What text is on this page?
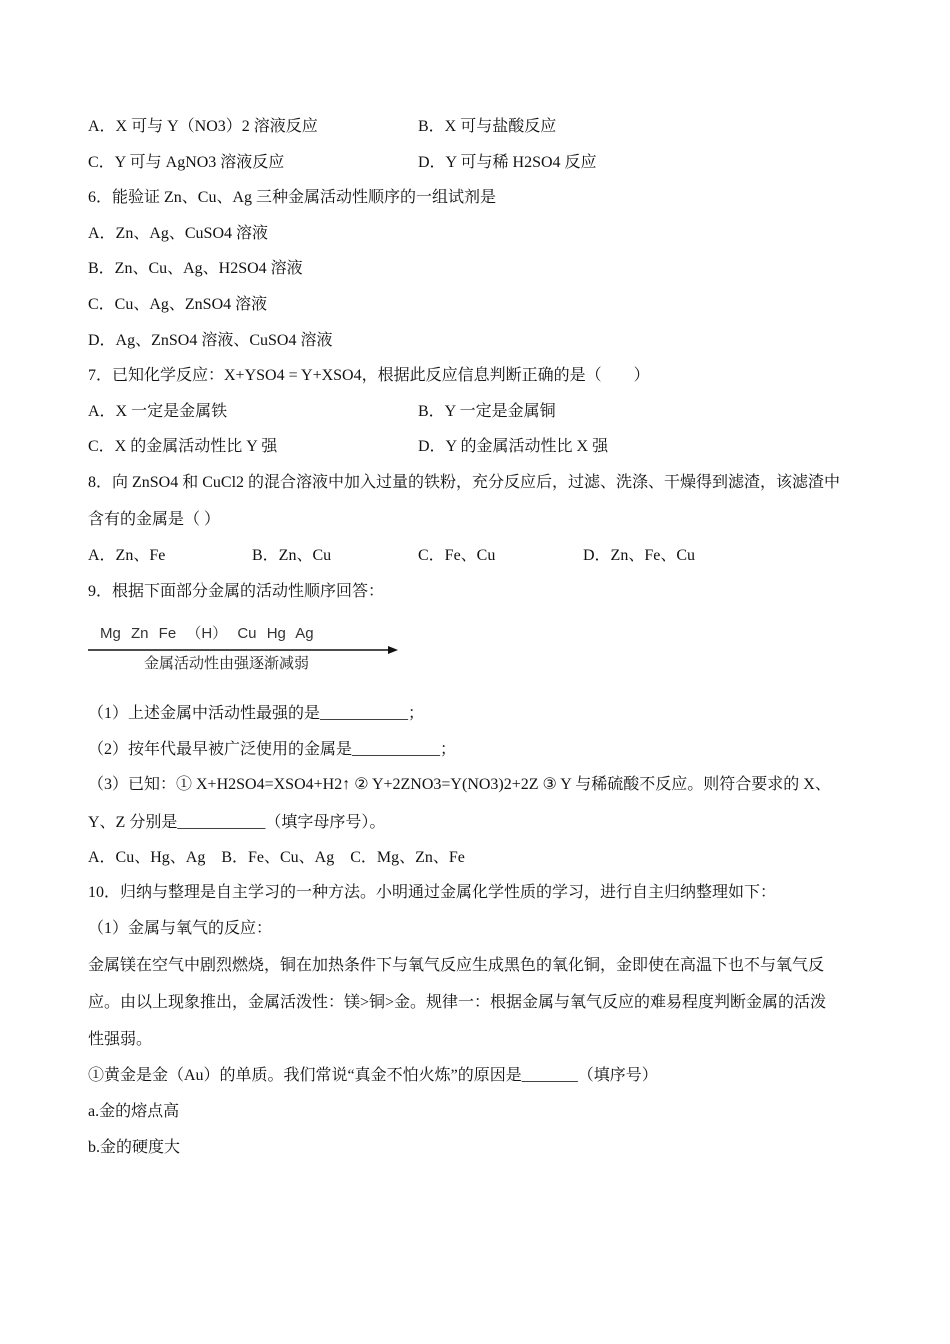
A．X 可与 Y（NO3）2 溶液反应	B．X 可与盐酸反应
C．Y 可与 AgNO3 溶液反应	D．Y 可与稀 H2SO4 反应
6．能验证 Zn、Cu、Ag 三种金属活动性顺序的一组试剂是
A．Zn、Ag、CuSO4 溶液
B．Zn、Cu、Ag、H2SO4 溶液
C．Cu、Ag、ZnSO4 溶液
D．Ag、ZnSO4 溶液、CuSO4 溶液
7．已知化学反应：X+YSO4 = Y+XSO4，根据此反应信息判断正确的是（　　）
A．X 一定是金属铁	B．Y 一定是金属铜
C．X 的金属活动性比 Y 强	D．Y 的金属活动性比 X 强
8．向 ZnSO4 和 CuCl2 的混合溶液中加入过量的铁粉，充分反应后，过滤、洗涤、干燥得到滤渣，该滤渣中
含有的金属是（ ）
A．Zn、Fe	B．Zn、Cu	C．Fe、Cu	D．Zn、Fe、Cu
9．根据下面部分金属的活动性顺序回答：
Mg Zn Fe （H） Cu Hg Ag
金属活动性由强逐渐减弱
（1）上述金属中活动性最强的是___________；
（2）按年代最早被广泛使用的金属是___________；
（3）已知：① X+H2SO4=XSO4+H2↑ ② Y+2ZNO3=Y(NO3)2+2Z ③ Y 与稀硫酸不反应。则符合要求的 X、
Y、Z 分别是___________（填字母序号）。
A．Cu、Hg、Ag　B．Fe、Cu、Ag　C．Mg、Zn、Fe
10．归纳与整理是自主学习的一种方法。小明通过金属化学性质的学习，进行自主归纳整理如下：
（1）金属与氧气的反应：
金属镁在空气中剧烈燃烧，铜在加热条件下与氧气反应生成黑色的氧化铜，金即使在高温下也不与氧气反
应。由以上现象推出，金属活泼性：镁>铜>金。规律一：根据金属与氧气反应的难易程度判断金属的活泼
性强弱。
①黄金是金（Au）的单质。我们常说“真金不怕火炼”的原因是_______（填序号）
a.金的熔点高
b.金的硬度大
